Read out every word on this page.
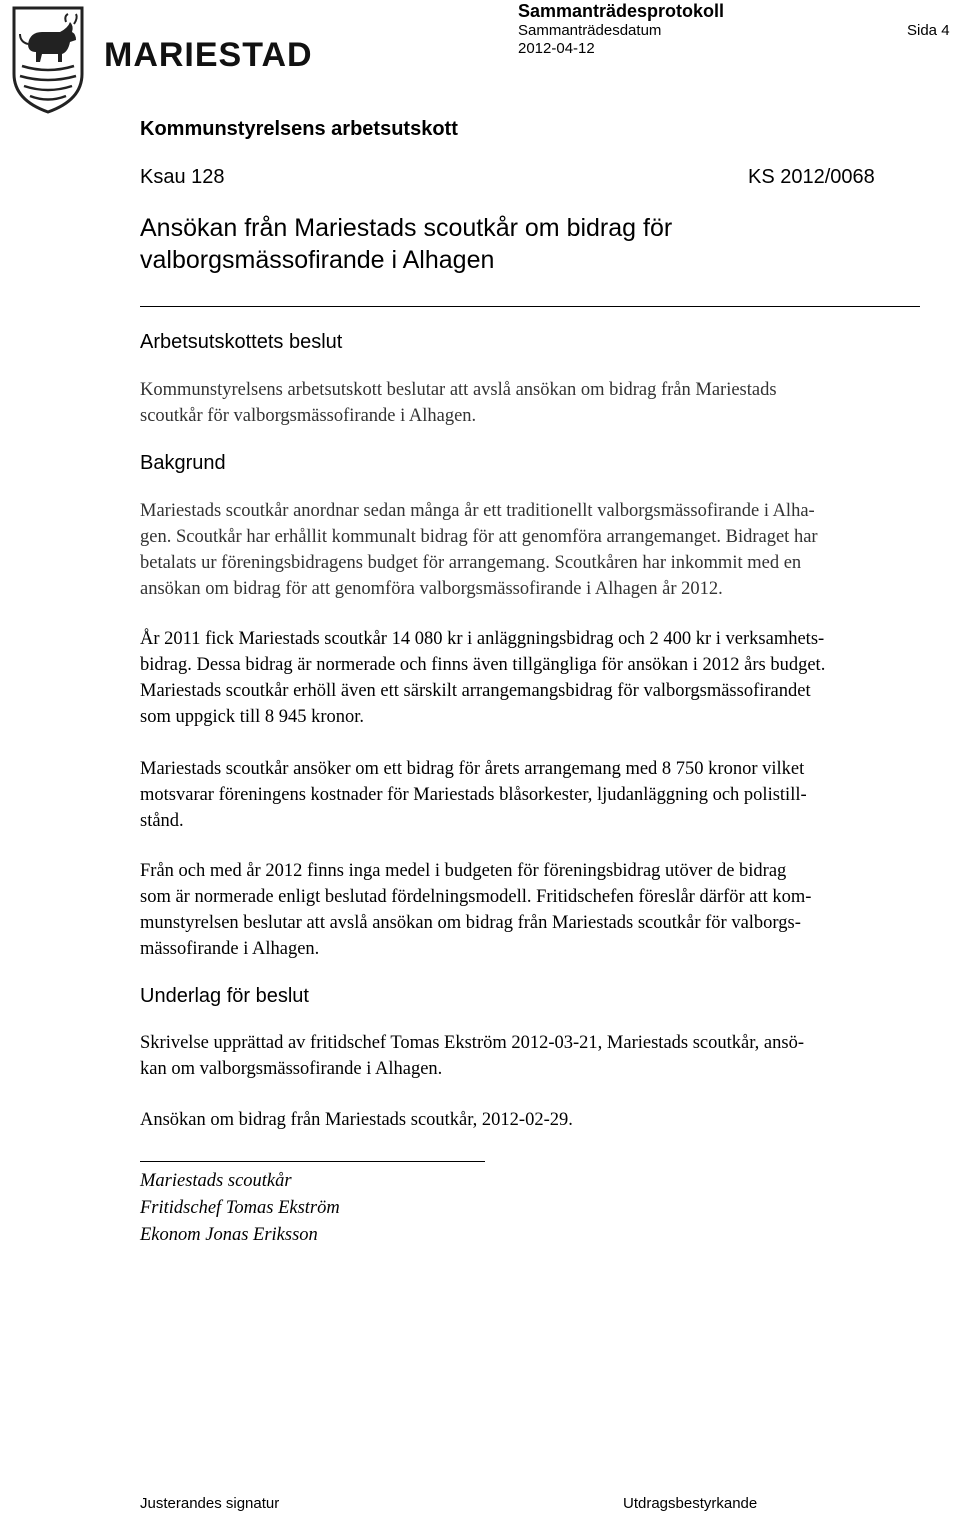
MARIESTAD
Sammanträdesprotokoll
Sammanträdesdatum
2012-04-12
Sida 4
Kommunstyrelsens arbetsutskott
Ksau 128	KS 2012/0068
Ansökan från Mariestads scoutkår om bidrag för
valborgsmässofirande i Alhagen
Arbetsutskottets beslut

Kommunstyrelsens arbetsutskott beslutar att avslå ansökan om bidrag från Mariestads

scoutkår för valborgsmässofirande i Alhagen.

Bakgrund

Mariestads scoutkår anordnar sedan många år ett traditionellt valborgsmässofirande i Alha-

gen. Scoutkår har erhållit kommunalt bidrag för att genomföra arrangemanget. Bidraget har

betalats ur föreningsbidragens budget för arrangemang. Scoutkåren har inkommit med en

ansökan om bidrag för att genomföra valborgsmässofirande i Alhagen år 2012.

År 2011 fick Mariestads scoutkår 14 080 kr i anläggningsbidrag och 2 400 kr i verksamhets-

bidrag. Dessa bidrag är normerade och finns även tillgängliga för ansökan i 2012 års budget.

Mariestads scoutkår erhöll även ett särskilt arrangemangsbidrag för valborgsmässofirandet

som uppgick till 8 945 kronor.

Mariestads scoutkår ansöker om ett bidrag för årets arrangemang med 8 750 kronor vilket

motsvarar föreningens kostnader för Mariestads blåsorkester, ljudanläggning och polistill-

stånd.

Från och med år 2012 finns inga medel i budgeten för föreningsbidrag utöver de bidrag

som är normerade enligt beslutad fördelningsmodell. Fritidschefen föreslår därför att kom-

munstyrelsen beslutar att avslå ansökan om bidrag från Mariestads scoutkår för valborgs-

mässofirande i Alhagen.

Underlag för beslut

Skrivelse upprättad av fritidschef Tomas Ekström 2012-03-21, Mariestads scoutkår, ansö-

kan om valborgsmässofirande i Alhagen.

Ansökan om bidrag från Mariestads scoutkår, 2012-02-29.

Mariestads scoutkår
Fritidschef Tomas Ekström
Ekonom Jonas Eriksson
Justerandes signatur	Utdragsbestyrkande
